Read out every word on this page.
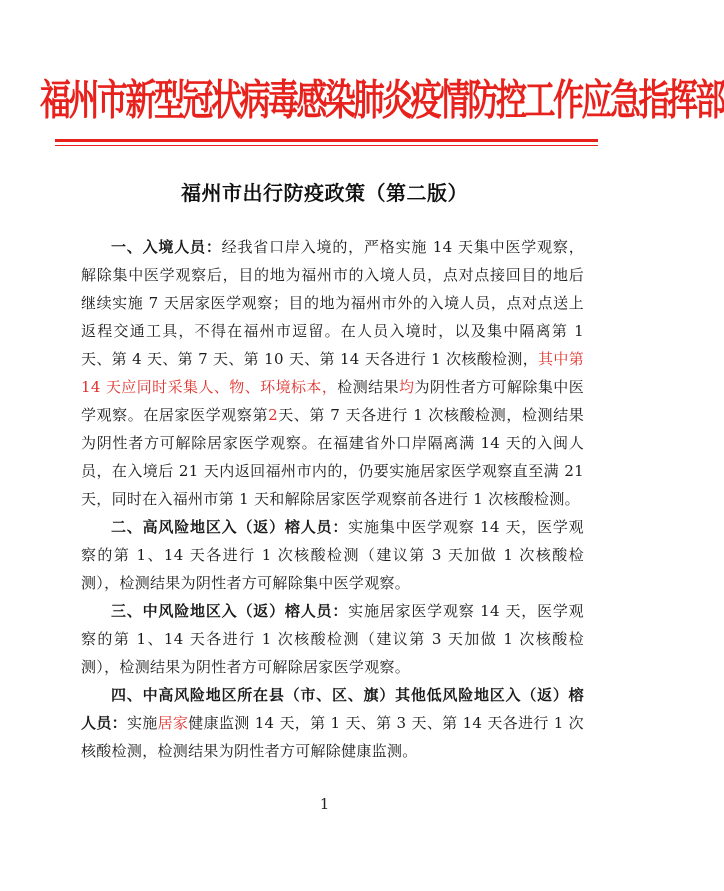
福州市新型冠状病毒感染肺炎疫情防控工作应急指挥部
福州市出行防疫政策（第二版）

一、入境人员：经我省口岸入境的，严格实施 14 天集中医学观察，解除集中医学观察后，目的地为福州市的入境人员，点对点接回目的地后继续实施 7 天居家医学观察；目的地为福州市外的入境人员，点对点送上返程交通工具，不得在福州市逗留。在人员入境时，以及集中隔离第 1 天、第 4 天、第 7 天、第 10 天、第 14 天各进行 1 次核酸检测，其中第 14 天应同时采集人、物、环境标本，检测结果均为阴性者方可解除集中医学观察。在居家医学观察第2天、第 7 天各进行 1 次核酸检测，检测结果为阴性者方可解除居家医学观察。在福建省外口岸隔离满 14 天的入闽人员，在入境后 21 天内返回福州市内的，仍要实施居家医学观察直至满 21 天，同时在入福州市第 1 天和解除居家医学观察前各进行 1 次核酸检测。

二、高风险地区入（返）榕人员：实施集中医学观察 14 天，医学观察的第 1、14 天各进行 1 次核酸检测（建议第 3 天加做 1 次核酸检测），检测结果为阴性者方可解除集中医学观察。

三、中风险地区入（返）榕人员：实施居家医学观察 14 天，医学观察的第 1、14 天各进行 1 次核酸检测（建议第 3 天加做 1 次核酸检测），检测结果为阴性者方可解除居家医学观察。

四、中高风险地区所在县（市、区、旗）其他低风险地区入（返）榕人员：实施居家健康监测 14 天，第 1 天、第 3 天、第 14 天各进行 1 次核酸检测，检测结果为阴性者方可解除健康监测。

1
